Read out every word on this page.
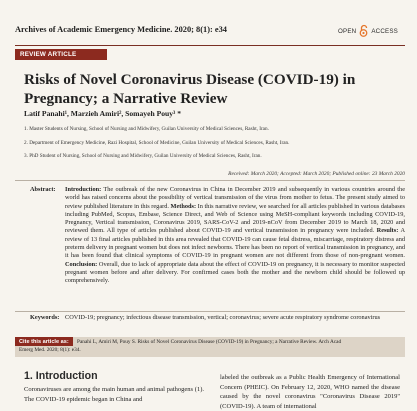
Archives of Academic Emergency Medicine. 2020; 8(1): e34	OPEN ACCESS
REVIEW ARTICLE
Risks of Novel Coronavirus Disease (COVID-19) in Pregnancy; a Narrative Review
Latif Panahi¹, Marzieh Amiri², Somayeh Pouy³ *
1. Master Students of Nursing, School of Nursing and Midwifery, Guilan University of Medical Sciences, Rasht, Iran.
2. Department of Emergency Medicine, Razi Hospital, School of Medicine, Guilan University of Medical Sciences, Rasht, Iran.
3. PhD Student of Nursing, School of Nursing and Midwifery, Guilan University of Medical Sciences, Rasht, Iran.
Received: March 2020; Accepted: March 2020; Published online: 23 March 2020
Abstract: Introduction: The outbreak of the new Coronavirus in China in December 2019 and subsequently in various countries around the world has raised concerns about the possibility of vertical transmission of the virus from mother to fetus. The present study aimed to review published literature in this regard. Methods: In this narrative review, we searched for all articles published in various databases including PubMed, Scopus, Embase, Science Direct, and Web of Science using MeSH-compliant keywords including COVID-19, Pregnancy, Vertical transmission, Coronavirus 2019, SARS-CoV-2 and 2019-nCoV from December 2019 to March 18, 2020 and reviewed them. All type of articles published about COVID-19 and vertical transmission in pregnancy were included. Results: A review of 13 final articles published in this area revealed that COVID-19 can cause fetal distress, miscarriage, respiratory distress and preterm delivery in pregnant women but does not infect newborns. There has been no report of vertical transmission in pregnancy, and it has been found that clinical symptoms of COVID-19 in pregnant women are not different from those of non-pregnant women. Conclusion: Overall, due to lack of appropriate data about the effect of COVID-19 on pregnancy, it is necessary to monitor suspected pregnant women before and after delivery. For confirmed cases both the mother and the newborn child should be followed up comprehensively.
Keywords: COVID-19; pregnancy; infectious disease transmission, vertical; coronavirus; severe acute respiratory syndrome coronavirus
Cite this article as:	Panahi L, Amiri M, Pouy S. Risks of Novel Coronavirus Disease (COVID-19) in Pregnancy; a Narrative Review. Arch Acad
Emerg Med. 2020; 8(1): e34.
1. Introduction

Coronaviruses are among the main human and animal pathogens (1). The COVID-19 epidemic began in China and

labeled the outbreak as a Public Health Emergency of International Concern (PHEIC). On February 12, 2020, WHO named the disease caused by the novel coronavirus "Coronavirus Disease 2019" (COVID-19). A team of international
